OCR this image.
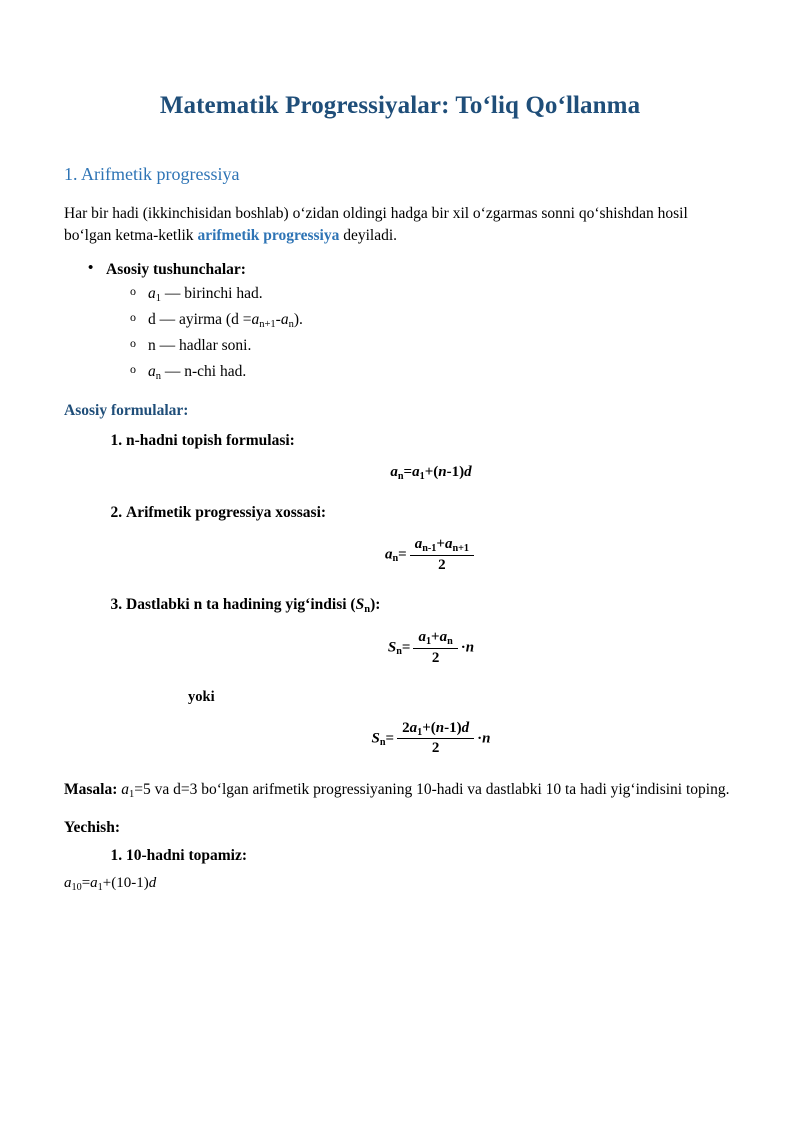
Matematik Progressiyalar: To‘liq Qo‘llanma
1. Arifmetik progressiya

Har bir hadi (ikkinchisidan boshlab) o‘zidan oldingi hadga bir xil o‘zgarmas sonni qo‘shishdan hosil bo‘lgan ketma-ketlik arifmetik progressiya deyiladi.

• Asosiy tushunchalar:
o $a_1$ — birinchi had.
o d — ayirma $(d =a_{n+1}-a_n)$.
o n — hadlar soni.
o $a_n$ — n-chi had.
Asosiy formulalar:
1. n-hadni topish formulasi:
$a_n=a_1+(n-1)d$
2. Arifmetik progressiya xossasi:
$a_n= \frac{a_{n-1}+a_{n+1}}{2}$
3. Dastlabki n ta hadining yig‘indisi $(S_n)$:
$S_n= \frac{a_1+a_n}{2} \cdot n$
yoki
$S_n= \frac{2a_1+(n-1)d}{2} \cdot n$

Masala: $a_1=5$ va d=3 bo‘lgan arifmetik progressiyaning 10-hadi va dastlabki 10 ta hadi yig‘indisini toping.

Yechish:
1. 10-hadni topamiz:
$a_{10}=a_1+(10-1)d$
